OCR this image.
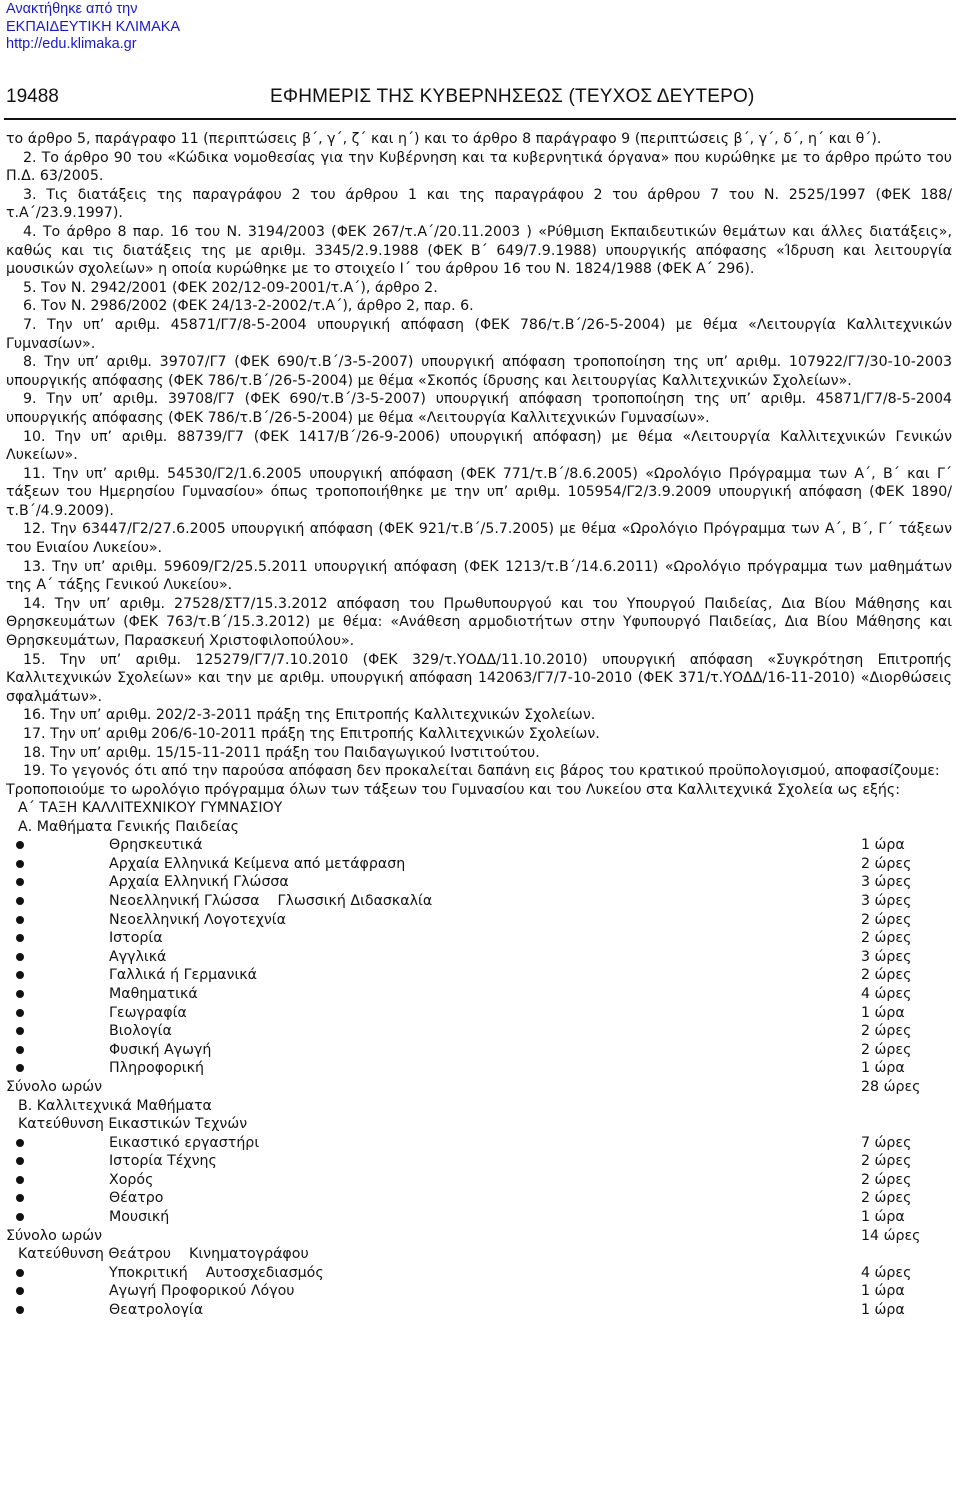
Ανακτήθηκε από την
ΕΚΠΑΙΔΕΥΤΙΚΗ ΚΛΙΜΑΚΑ
http://edu.klimaka.gr
19488	ΕΦΗΜΕΡΙΣ ΤΗΣ ΚΥΒΕΡΝΗΣΕΩΣ (ΤΕΥΧΟΣ ΔΕΥΤΕΡΟ)

το άρθρο 5, παράγραφο 11 (περιπτώσεις β΄, γ΄, ζ΄ και η΄) και το άρθρο 8 παράγραφο 9 (περιπτώσεις β΄, γ΄, δ΄, η΄ και θ΄).

2. Το άρθρο 90 του «Κώδικα νομοθεσίας για την Κυβέρνηση και τα κυβερνητικά όργανα» που κυρώθηκε με το άρθρο πρώτο του Π.Δ. 63/2005.

3. Τις διατάξεις της παραγράφου 2 του άρθρου 1 και της παραγράφου 2 του άρθρου 7 του Ν. 2525/1997 (ΦΕΚ 188/τ.Α΄/23.9.1997).

4. Το άρθρο 8 παρ. 16 του Ν. 3194/2003 (ΦΕΚ 267/τ.Α΄/20.11.2003 ) «Ρύθμιση Εκπαιδευτικών θεμάτων και άλλες διατάξεις», καθώς και τις διατάξεις της με αριθμ. 3345/2.9.1988 (ΦΕΚ Β΄ 649/7.9.1988) υπουργικής απόφασης «Ίδρυση και λειτουργία μουσικών σχολείων» η οποία κυρώθηκε με το στοιχείο Ι΄ του άρθρου 16 του Ν. 1824/1988 (ΦΕΚ Α΄ 296).

5. Τον Ν. 2942/2001 (ΦΕΚ 202/12-09-2001/τ.Α΄), άρθρο 2.

6. Τον Ν. 2986/2002 (ΦΕΚ 24/13-2-2002/τ.Α΄), άρθρο 2, παρ. 6.

7. Την υπ’ αριθμ. 45871/Γ7/8-5-2004 υπουργική απόφαση (ΦΕΚ 786/τ.Β΄/26-5-2004) με θέμα «Λειτουργία Καλλιτεχνικών Γυμνασίων».

8. Την υπ’ αριθμ. 39707/Γ7 (ΦΕΚ 690/τ.Β΄/3-5-2007) υπουργική απόφαση τροποποίηση της υπ’ αριθμ. 107922/Γ7/30-10-2003 υπουργικής απόφασης (ΦΕΚ 786/τ.Β΄/26-5-2004) με θέμα «Σκοπός ίδρυσης και λειτουργίας Καλλιτεχνικών Σχολείων».

9. Την υπ’ αριθμ. 39708/Γ7 (ΦΕΚ 690/τ.Β΄/3-5-2007) υπουργική απόφαση τροποποίηση της υπ’ αριθμ. 45871/Γ7/8-5-2004 υπουργικής απόφασης (ΦΕΚ 786/τ.Β΄/26-5-2004) με θέμα «Λειτουργία Καλλιτεχνικών Γυμνασίων».

10. Την υπ’ αριθμ. 88739/Γ7 (ΦΕΚ 1417/Β΄/26-9-2006) υπουργική απόφαση) με θέμα «Λειτουργία Καλλιτεχνικών Γενικών Λυκείων».

11. Την υπ’ αριθμ. 54530/Γ2/1.6.2005 υπουργική απόφαση (ΦΕΚ 771/τ.Β΄/8.6.2005) «Ωρολόγιο Πρόγραμμα των Α΄, Β΄ και Γ΄ τάξεων του Ημερησίου Γυμνασίου» όπως τροποποιήθηκε με την υπ’ αριθμ. 105954/Γ2/3.9.2009 υπουργική απόφαση (ΦΕΚ 1890/τ.Β΄/4.9.2009).

12. Την 63447/Γ2/27.6.2005 υπουργική απόφαση (ΦΕΚ 921/τ.Β΄/5.7.2005) με θέμα «Ωρολόγιο Πρόγραμμα των Α΄, Β΄, Γ΄ τάξεων του Ενιαίου Λυκείου».

13. Την υπ’ αριθμ. 59609/Γ2/25.5.2011 υπουργική απόφαση (ΦΕΚ 1213/τ.Β΄/14.6.2011) «Ωρολόγιο πρόγραμμα των μαθημάτων της Α΄ τάξης Γενικού Λυκείου».

14. Την υπ’ αριθμ. 27528/ΣΤ7/15.3.2012 απόφαση του Πρωθυπουργού και του Υπουργού Παιδείας, Δια Βίου Μάθησης και Θρησκευμάτων (ΦΕΚ 763/τ.Β΄/15.3.2012) με θέμα: «Ανάθεση αρμοδιοτήτων στην Υφυπουργό Παιδείας, Δια Βίου Μάθησης και Θρησκευμάτων, Παρασκευή Χριστοφιλοπούλου».

15. Την υπ’ αριθμ. 125279/Γ7/7.10.2010 (ΦΕΚ 329/τ.ΥΟΔΔ/11.10.2010) υπουργική απόφαση «Συγκρότηση Επιτροπής Καλλιτεχνικών Σχολείων» και την με αριθμ. υπουργική απόφαση 142063/Γ7/7-10-2010 (ΦΕΚ 371/τ.ΥΟΔΔ/16-11-2010) «Διορθώσεις σφαλμάτων».

16. Την υπ’ αριθμ. 202/2-3-2011 πράξη της Επιτροπής Καλλιτεχνικών Σχολείων.

17. Την υπ’ αριθμ 206/6-10-2011 πράξη της Επιτροπής Καλλιτεχνικών Σχολείων.

18. Την υπ’ αριθμ. 15/15-11-2011 πράξη του Παιδαγωγικού Ινστιτούτου.

19. Το γεγονός ότι από την παρούσα απόφαση δεν προκαλείται δαπάνη εις βάρος του κρατικού προϋπολογισμού, αποφασίζουμε:

Τροποποιούμε το ωρολόγιο πρόγραμμα όλων των τάξεων του Γυμνασίου και του Λυκείου στα Καλλιτεχνικά Σχολεία ως εξής:

Α΄ ΤΑΞΗ ΚΑΛΛΙΤΕΧΝΙΚΟΥ ΓΥΜΝΑΣΙΟΥ
Α. Μαθήματα Γενικής Παιδείας
Θρησκευτικά	1 ώρα
Αρχαία Ελληνικά Κείμενα από μετάφραση	2 ώρες
Αρχαία Ελληνική Γλώσσα	3 ώρες
Νεοελληνική Γλώσσα    Γλωσσική Διδασκαλία	3 ώρες
Νεοελληνική Λογοτεχνία	2 ώρες
Ιστορία	2 ώρες
Αγγλικά	3 ώρες
Γαλλικά ή Γερμανικά	2 ώρες
Μαθηματικά	4 ώρες
Γεωγραφία	1 ώρα
Βιολογία	2 ώρες
Φυσική Αγωγή	2 ώρες
Πληροφορική	1 ώρα
Σύνολο ωρών	28 ώρες
Β. Καλλιτεχνικά Μαθήματα
Κατεύθυνση Εικαστικών Τεχνών
Εικαστικό εργαστήρι	7 ώρες
Ιστορία Τέχνης	2 ώρες
Χορός	2 ώρες
Θέατρο	2 ώρες
Μουσική	1 ώρα
Σύνολο ωρών	14 ώρες
Κατεύθυνση Θεάτρου    Κινηματογράφου
Υποκριτική    Αυτοσχεδιασμός	4 ώρες
Αγωγή Προφορικού Λόγου	1 ώρα
Θεατρολογία	1 ώρα
